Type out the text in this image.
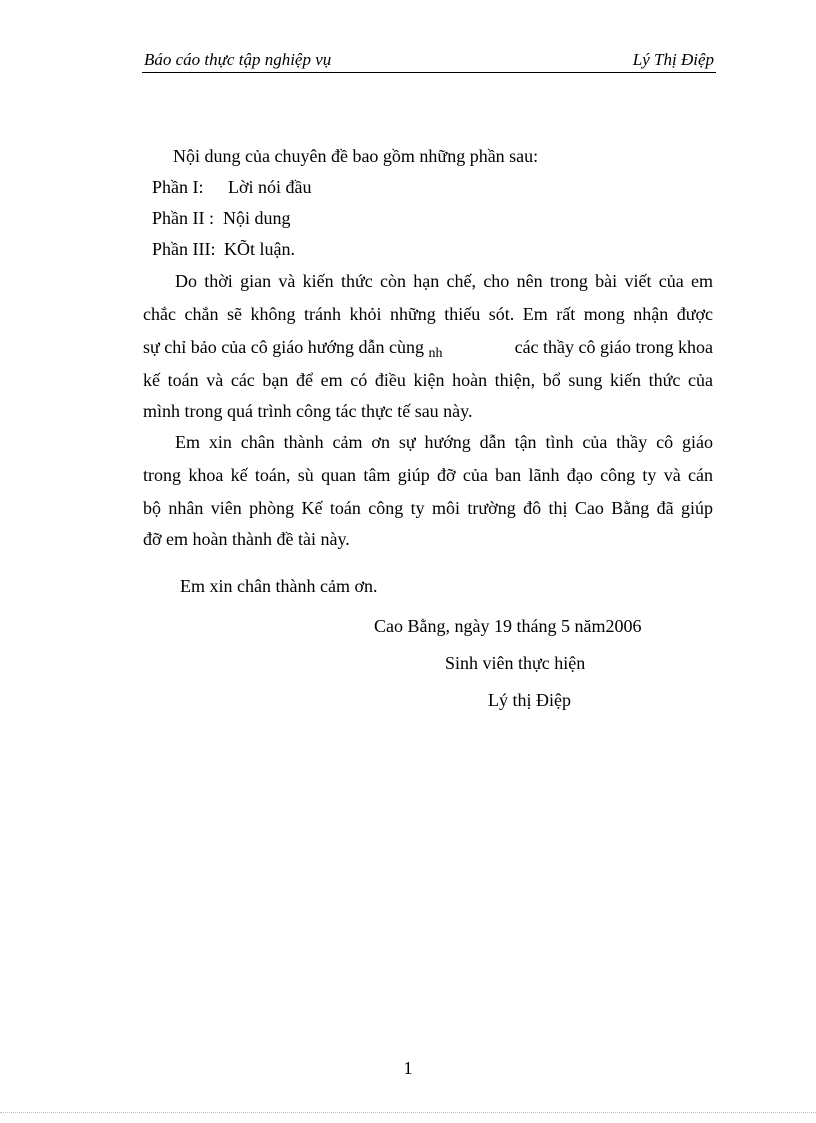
Báo cáo thực tập nghiệp vụ	Lý Thị Điệp
Nội dung của chuyên đề bao gồm những phần sau:
Phần I: Lời nói đầu
Phần II : Nội dung
Phần III: KÕt luận.
Do thời gian và kiến thức còn hạn chế, cho nên trong bài viết của em
chắc chắn sẽ không tránh khỏi những thiếu sót. Em rất mong nhận được
sự chỉ bảo của cô giáo hướng dẫn cùng $_{nh}$	các thầy cô giáo trong khoa
kế toán và các bạn để em có điều kiện hoàn thiện, bổ sung kiến thức của
mình trong quá trình công tác thực tế sau này.
Em xin chân thành cảm ơn sự hướng dẫn tận tình của thầy cô giáo
trong khoa kế toán, sù quan tâm giúp đỡ của ban lãnh đạo công ty và cán
bộ nhân viên phòng Kế toán công ty môi trường đô thị Cao Bằng đã giúp
đỡ em hoàn thành đề tài này.
Em xin chân thành cảm ơn.
Cao Bằng, ngày 19 tháng 5 năm2006
Sinh viên thực hiện
Lý thị Điệp
1
